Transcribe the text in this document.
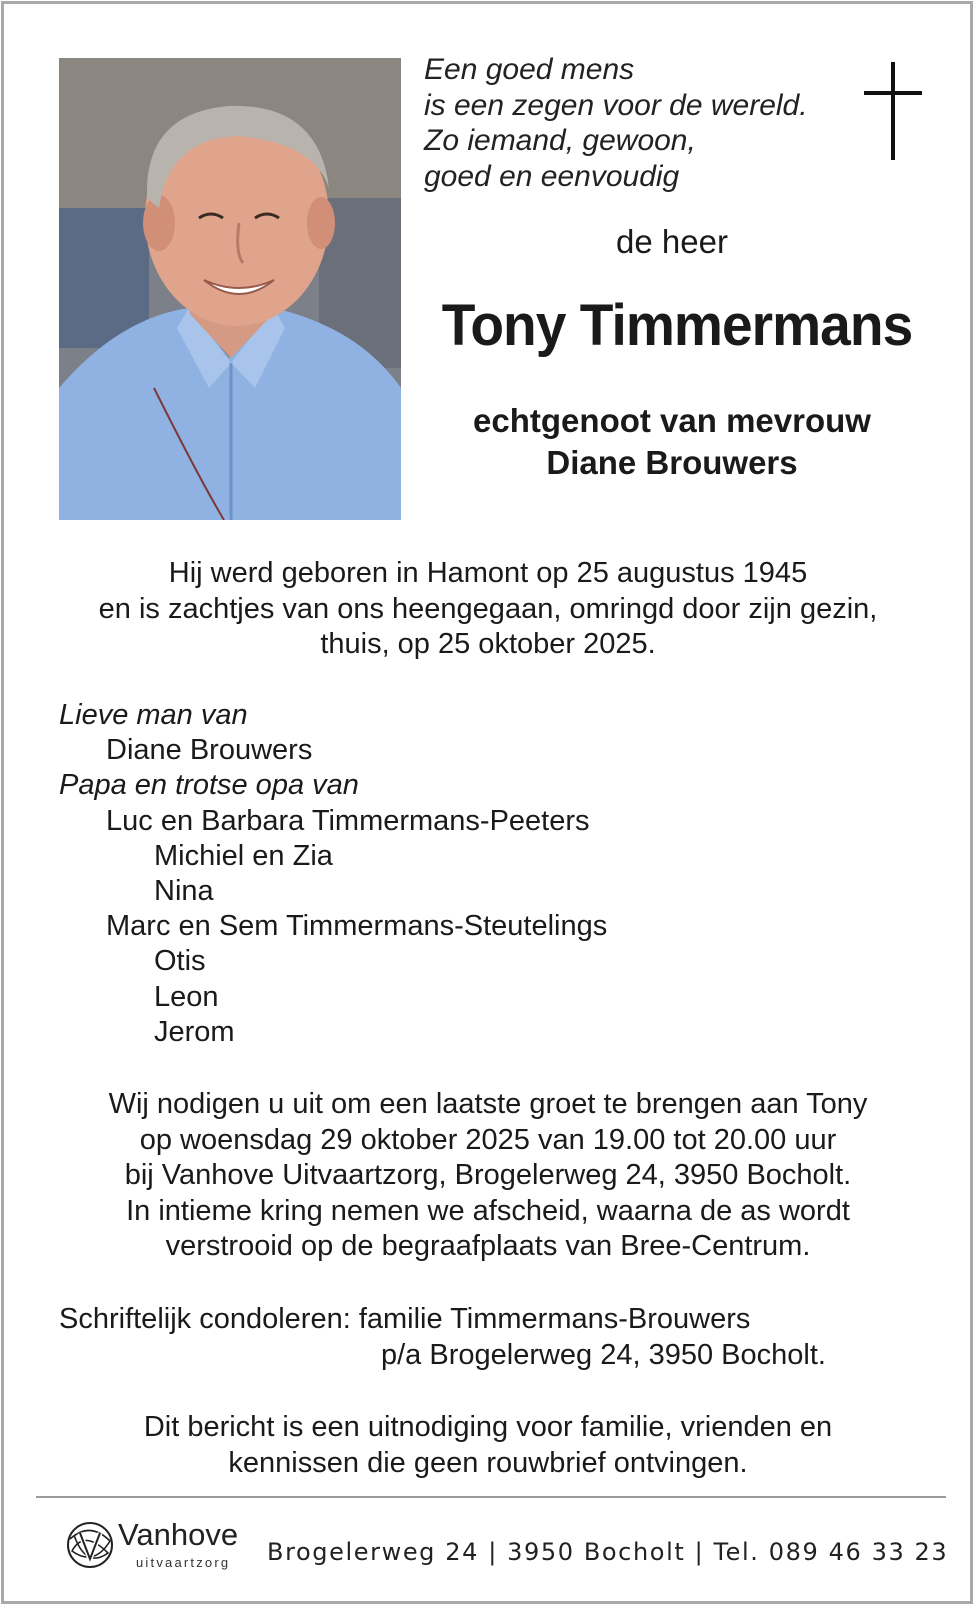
Een goed mens
is een zegen voor de wereld.
Zo iemand, gewoon,
goed en eenvoudig
de heer
Tony Timmermans
echtgenoot van mevrouw
Diane Brouwers
Hij werd geboren in Hamont op 25 augustus 1945
en is zachtjes van ons heengegaan, omringd door zijn gezin,
thuis, op 25 oktober 2025.
Lieve man van
Diane Brouwers
Papa en trotse opa van
Luc en Barbara Timmermans-Peeters
Michiel en Zia
Nina
Marc en Sem Timmermans-Steutelings
Otis
Leon
Jerom
Wij nodigen u uit om een laatste groet te brengen aan Tony
op woensdag 29 oktober 2025 van 19.00 tot 20.00 uur
bij Vanhove Uitvaartzorg, Brogelerweg 24, 3950 Bocholt.
In intieme kring nemen we afscheid, waarna de as wordt
verstrooid op de begraafplaats van Bree-Centrum.
Schriftelijk condoleren: familie Timmermans-Brouwers
p/a Brogelerweg 24, 3950 Bocholt.
Dit bericht is een uitnodiging voor familie, vrienden en
kennissen die geen rouwbrief ontvingen.
Vanhove
uitvaartzorg Brogelerweg 24 | 3950 Bocholt | Tel. 089 46 33 23
